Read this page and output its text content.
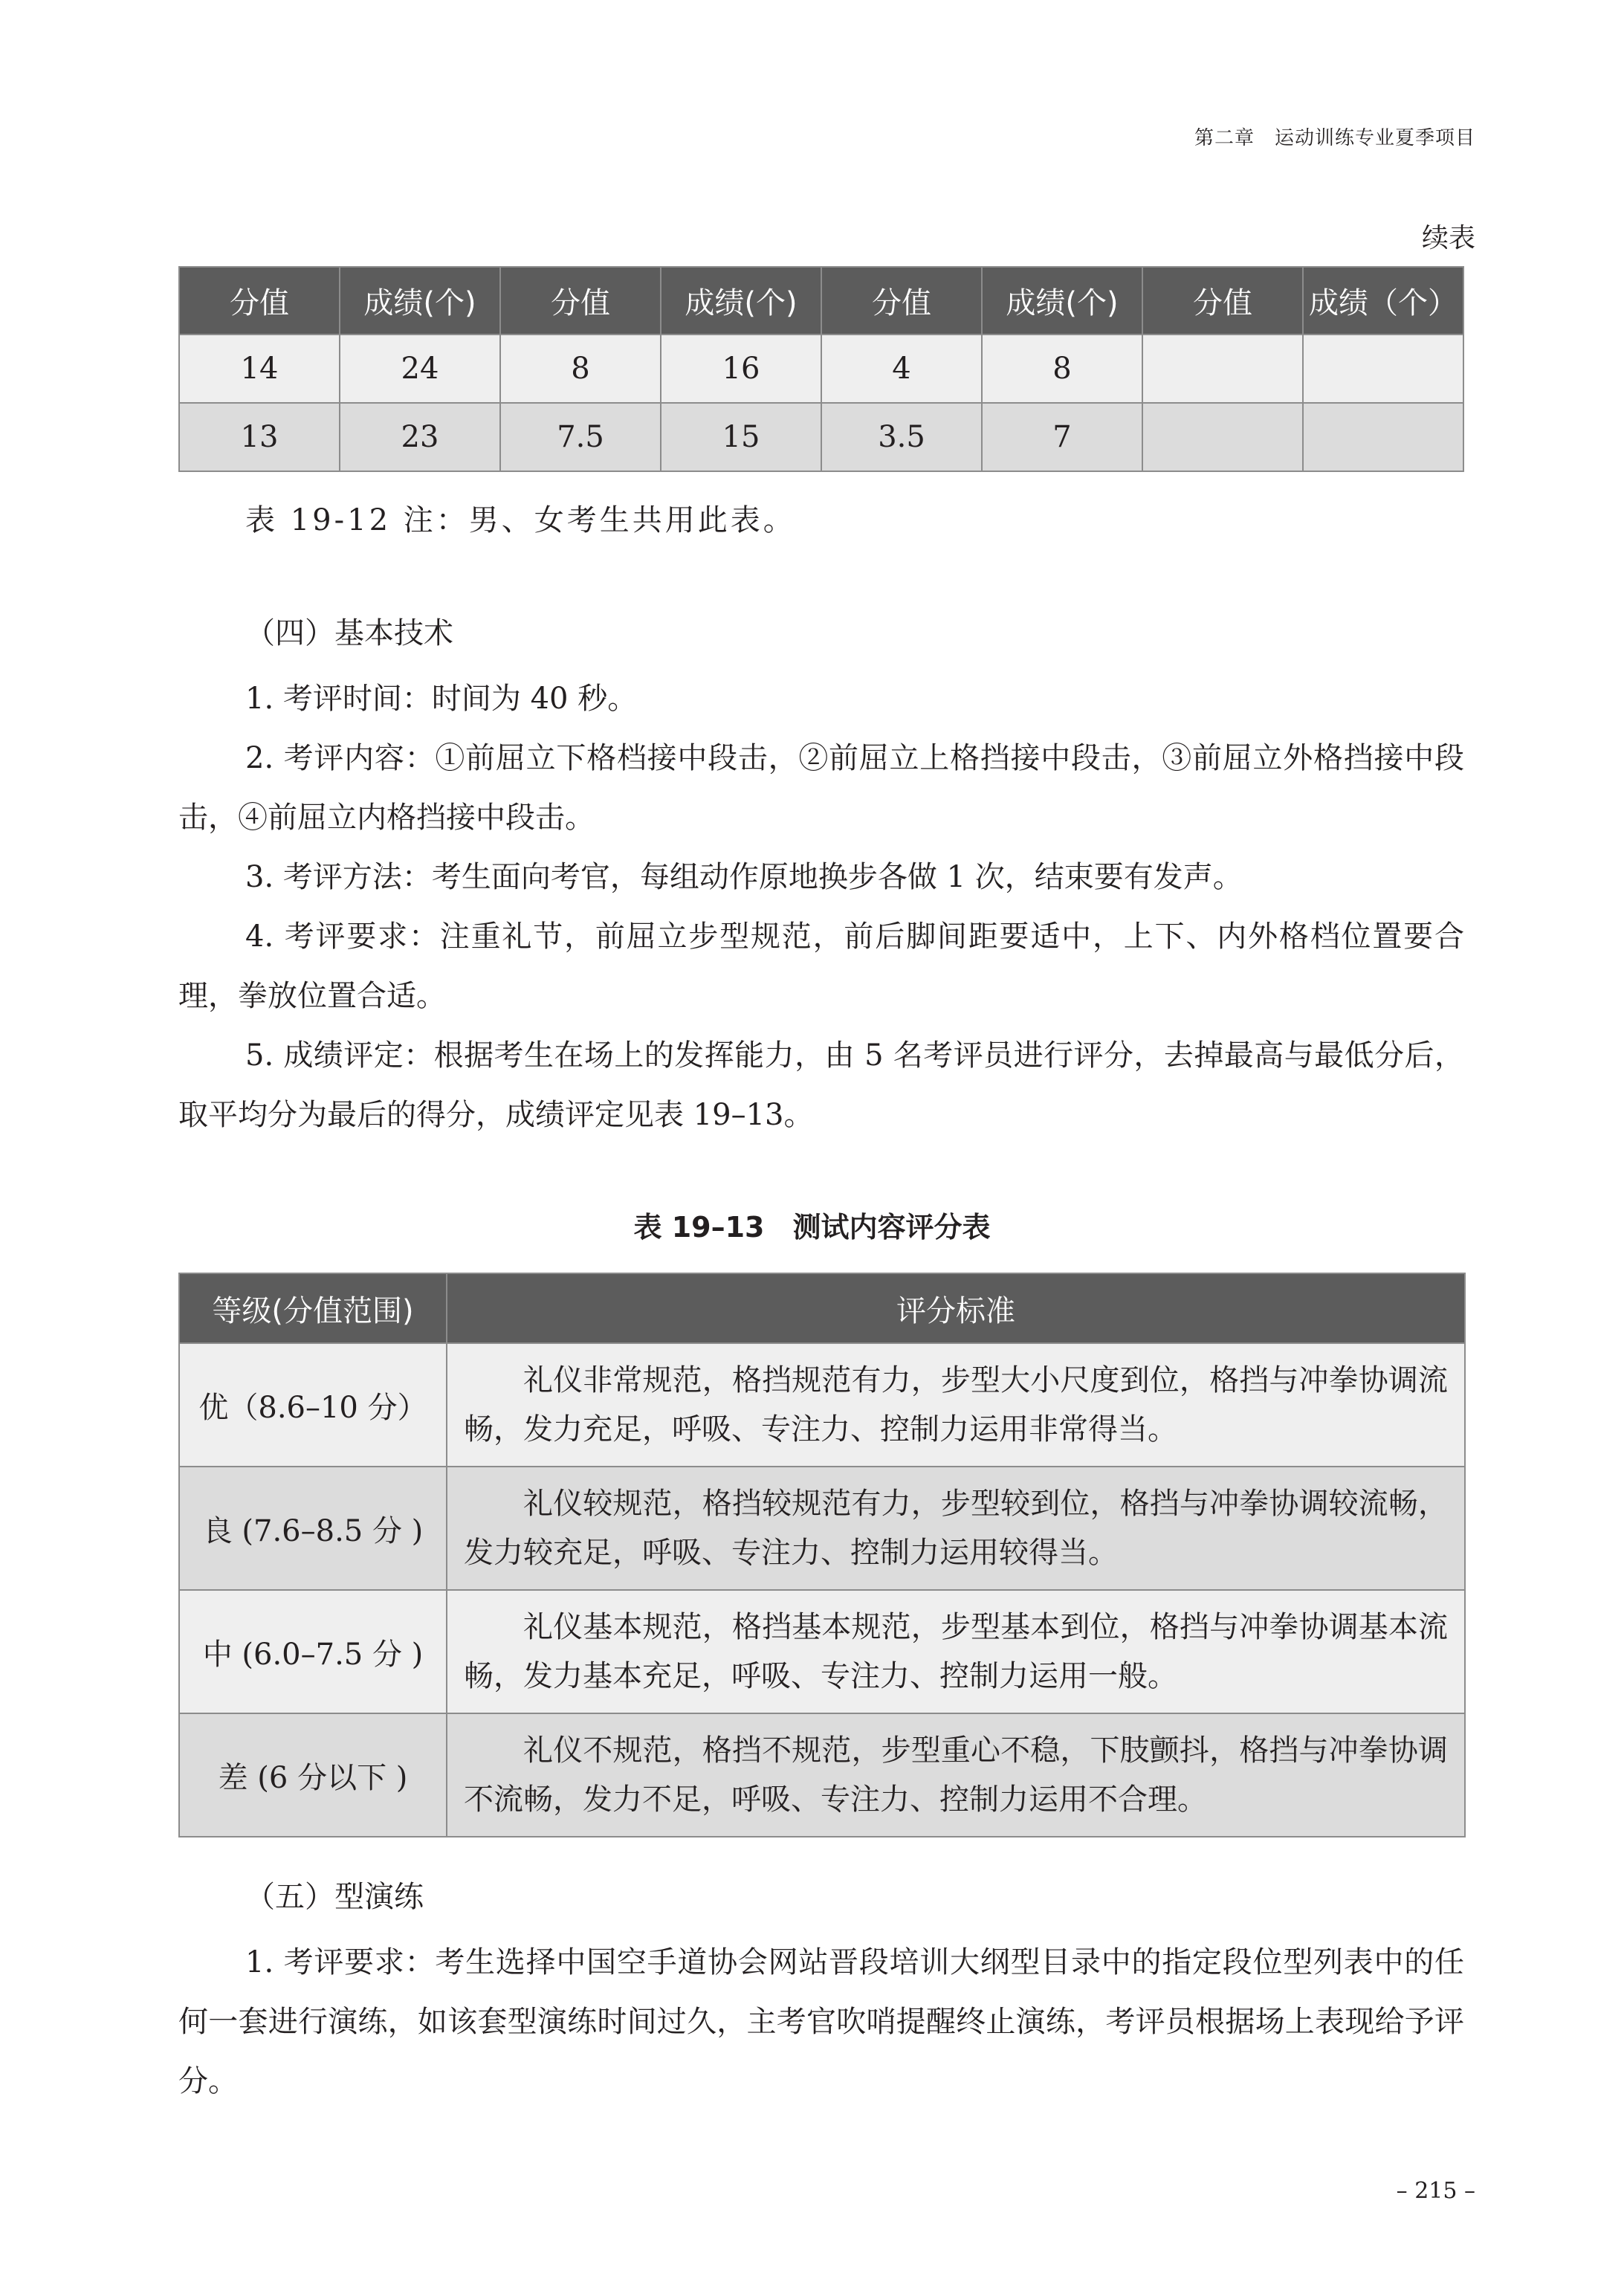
第二章　运动训练专业夏季项目
续表
分值	成绩(个)	分值	成绩(个)	分值	成绩(个)	分值	成绩（个）
14	24	8	16	4	8		
13	23	7.5	15	3.5	7		
表 19-12 注：男、女考生共用此表。
（四）基本技术

1. 考评时间：时间为 40 秒。

2. 考评内容：①前屈立下格档接中段击，②前屈立上格挡接中段击，③前屈立外格挡接中段击，④前屈立内格挡接中段击。

3. 考评方法：考生面向考官，每组动作原地换步各做 1 次，结束要有发声。

4. 考评要求：注重礼节，前屈立步型规范，前后脚间距要适中，上下、内外格档位置要合理，拳放位置合适。

5. 成绩评定：根据考生在场上的发挥能力，由 5 名考评员进行评分，去掉最高与最低分后，取平均分为最后的得分，成绩评定见表 19–13。

表 19–13　测试内容评分表
等级(分值范围)	评分标准
优（8.6–10 分）	礼仪非常规范，格挡规范有力，步型大小尺度到位，格挡与冲拳协调流畅，发力充足，呼吸、专注力、控制力运用非常得当。
良 (7.6–8.5 分 )	礼仪较规范，格挡较规范有力，步型较到位，格挡与冲拳协调较流畅，发力较充足，呼吸、专注力、控制力运用较得当。
中 (6.0–7.5 分 )	礼仪基本规范，格挡基本规范，步型基本到位，格挡与冲拳协调基本流畅，发力基本充足，呼吸、专注力、控制力运用一般。
差 (6 分以下 )	礼仪不规范，格挡不规范，步型重心不稳，下肢颤抖，格挡与冲拳协调不流畅，发力不足，呼吸、专注力、控制力运用不合理。
（五）型演练

1. 考评要求：考生选择中国空手道协会网站晋段培训大纲型目录中的指定段位型列表中的任何一套进行演练，如该套型演练时间过久，主考官吹哨提醒终止演练，考评员根据场上表现给予评分。

– 215 –
